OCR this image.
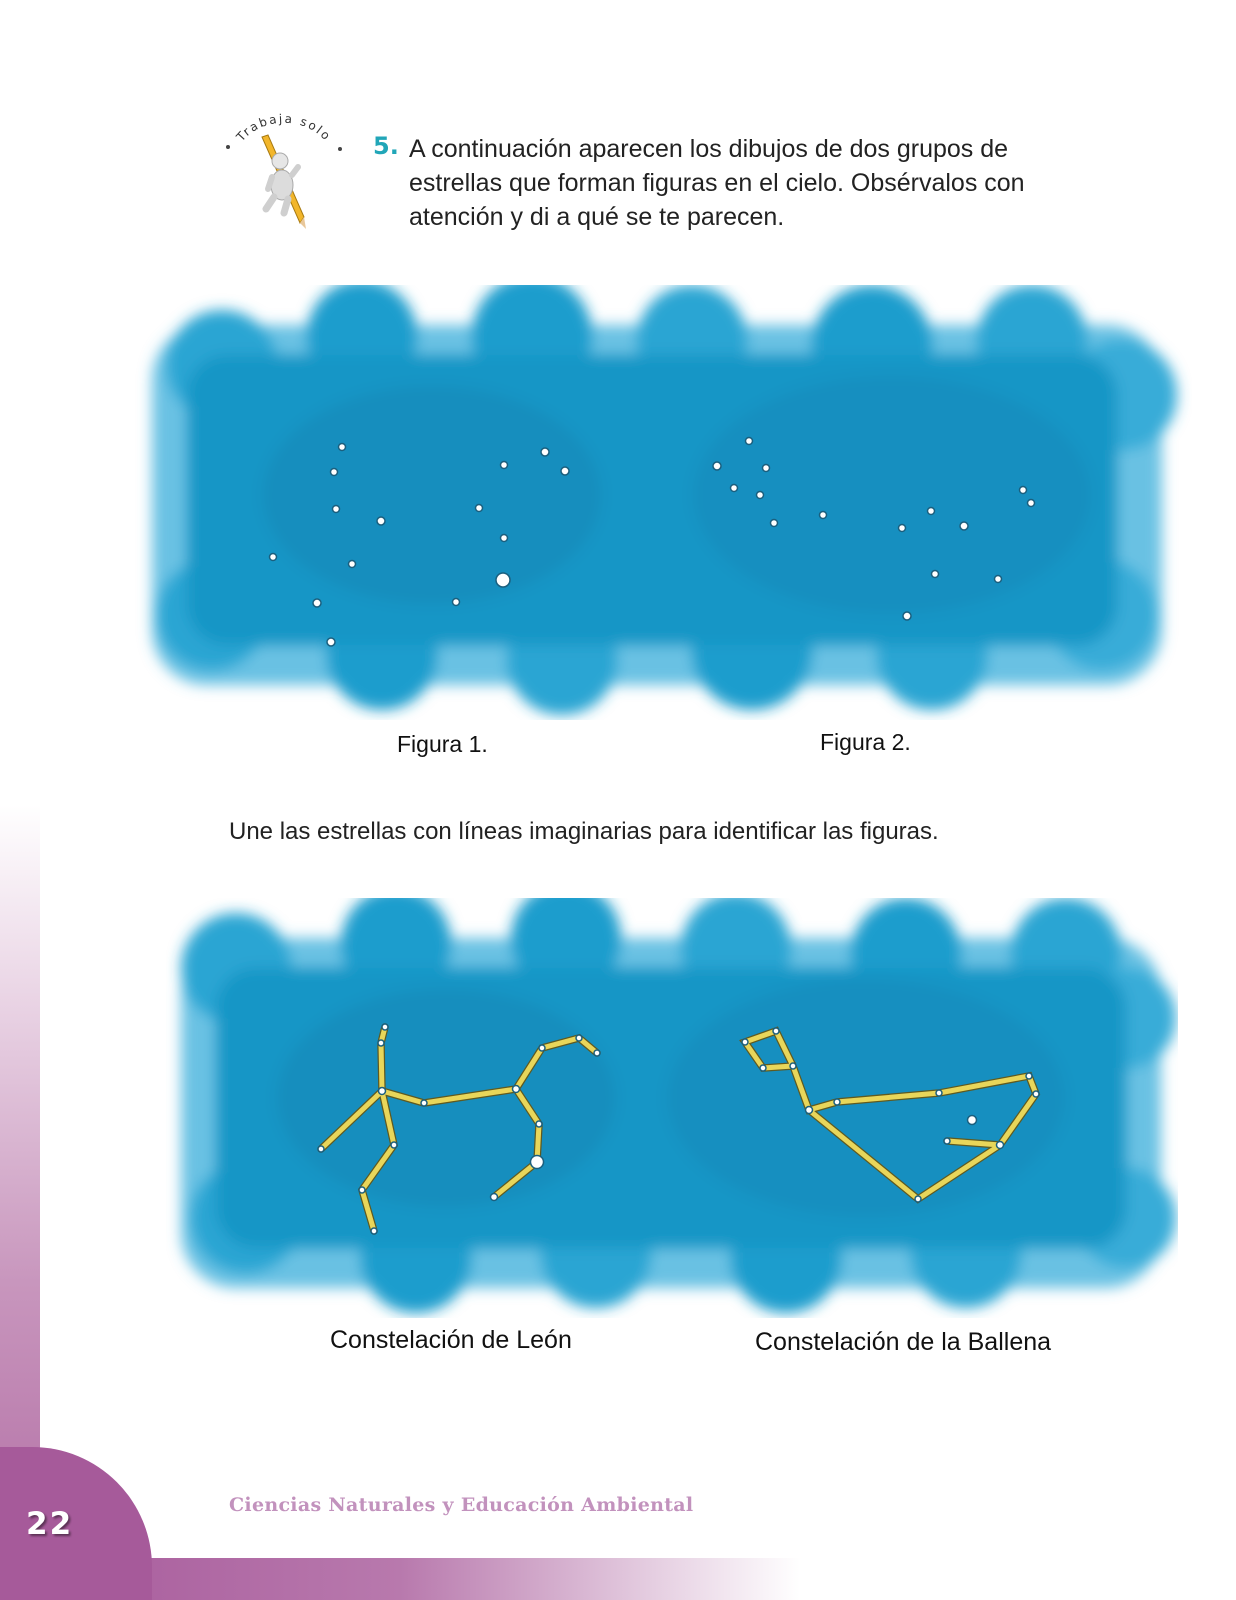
22
Ciencias Naturales y Educación Ambiental
Trabaja solo 5. A continuación aparecen los dibujos de dos grupos de estrellas que forman figuras en el cielo. Obsérvalos con atención y di a qué se te parecen.
Figura 1.	Figura 2.
Une las estrellas con líneas imaginarias para identificar las figuras.
Constelación de León	Constelación de la Ballena
